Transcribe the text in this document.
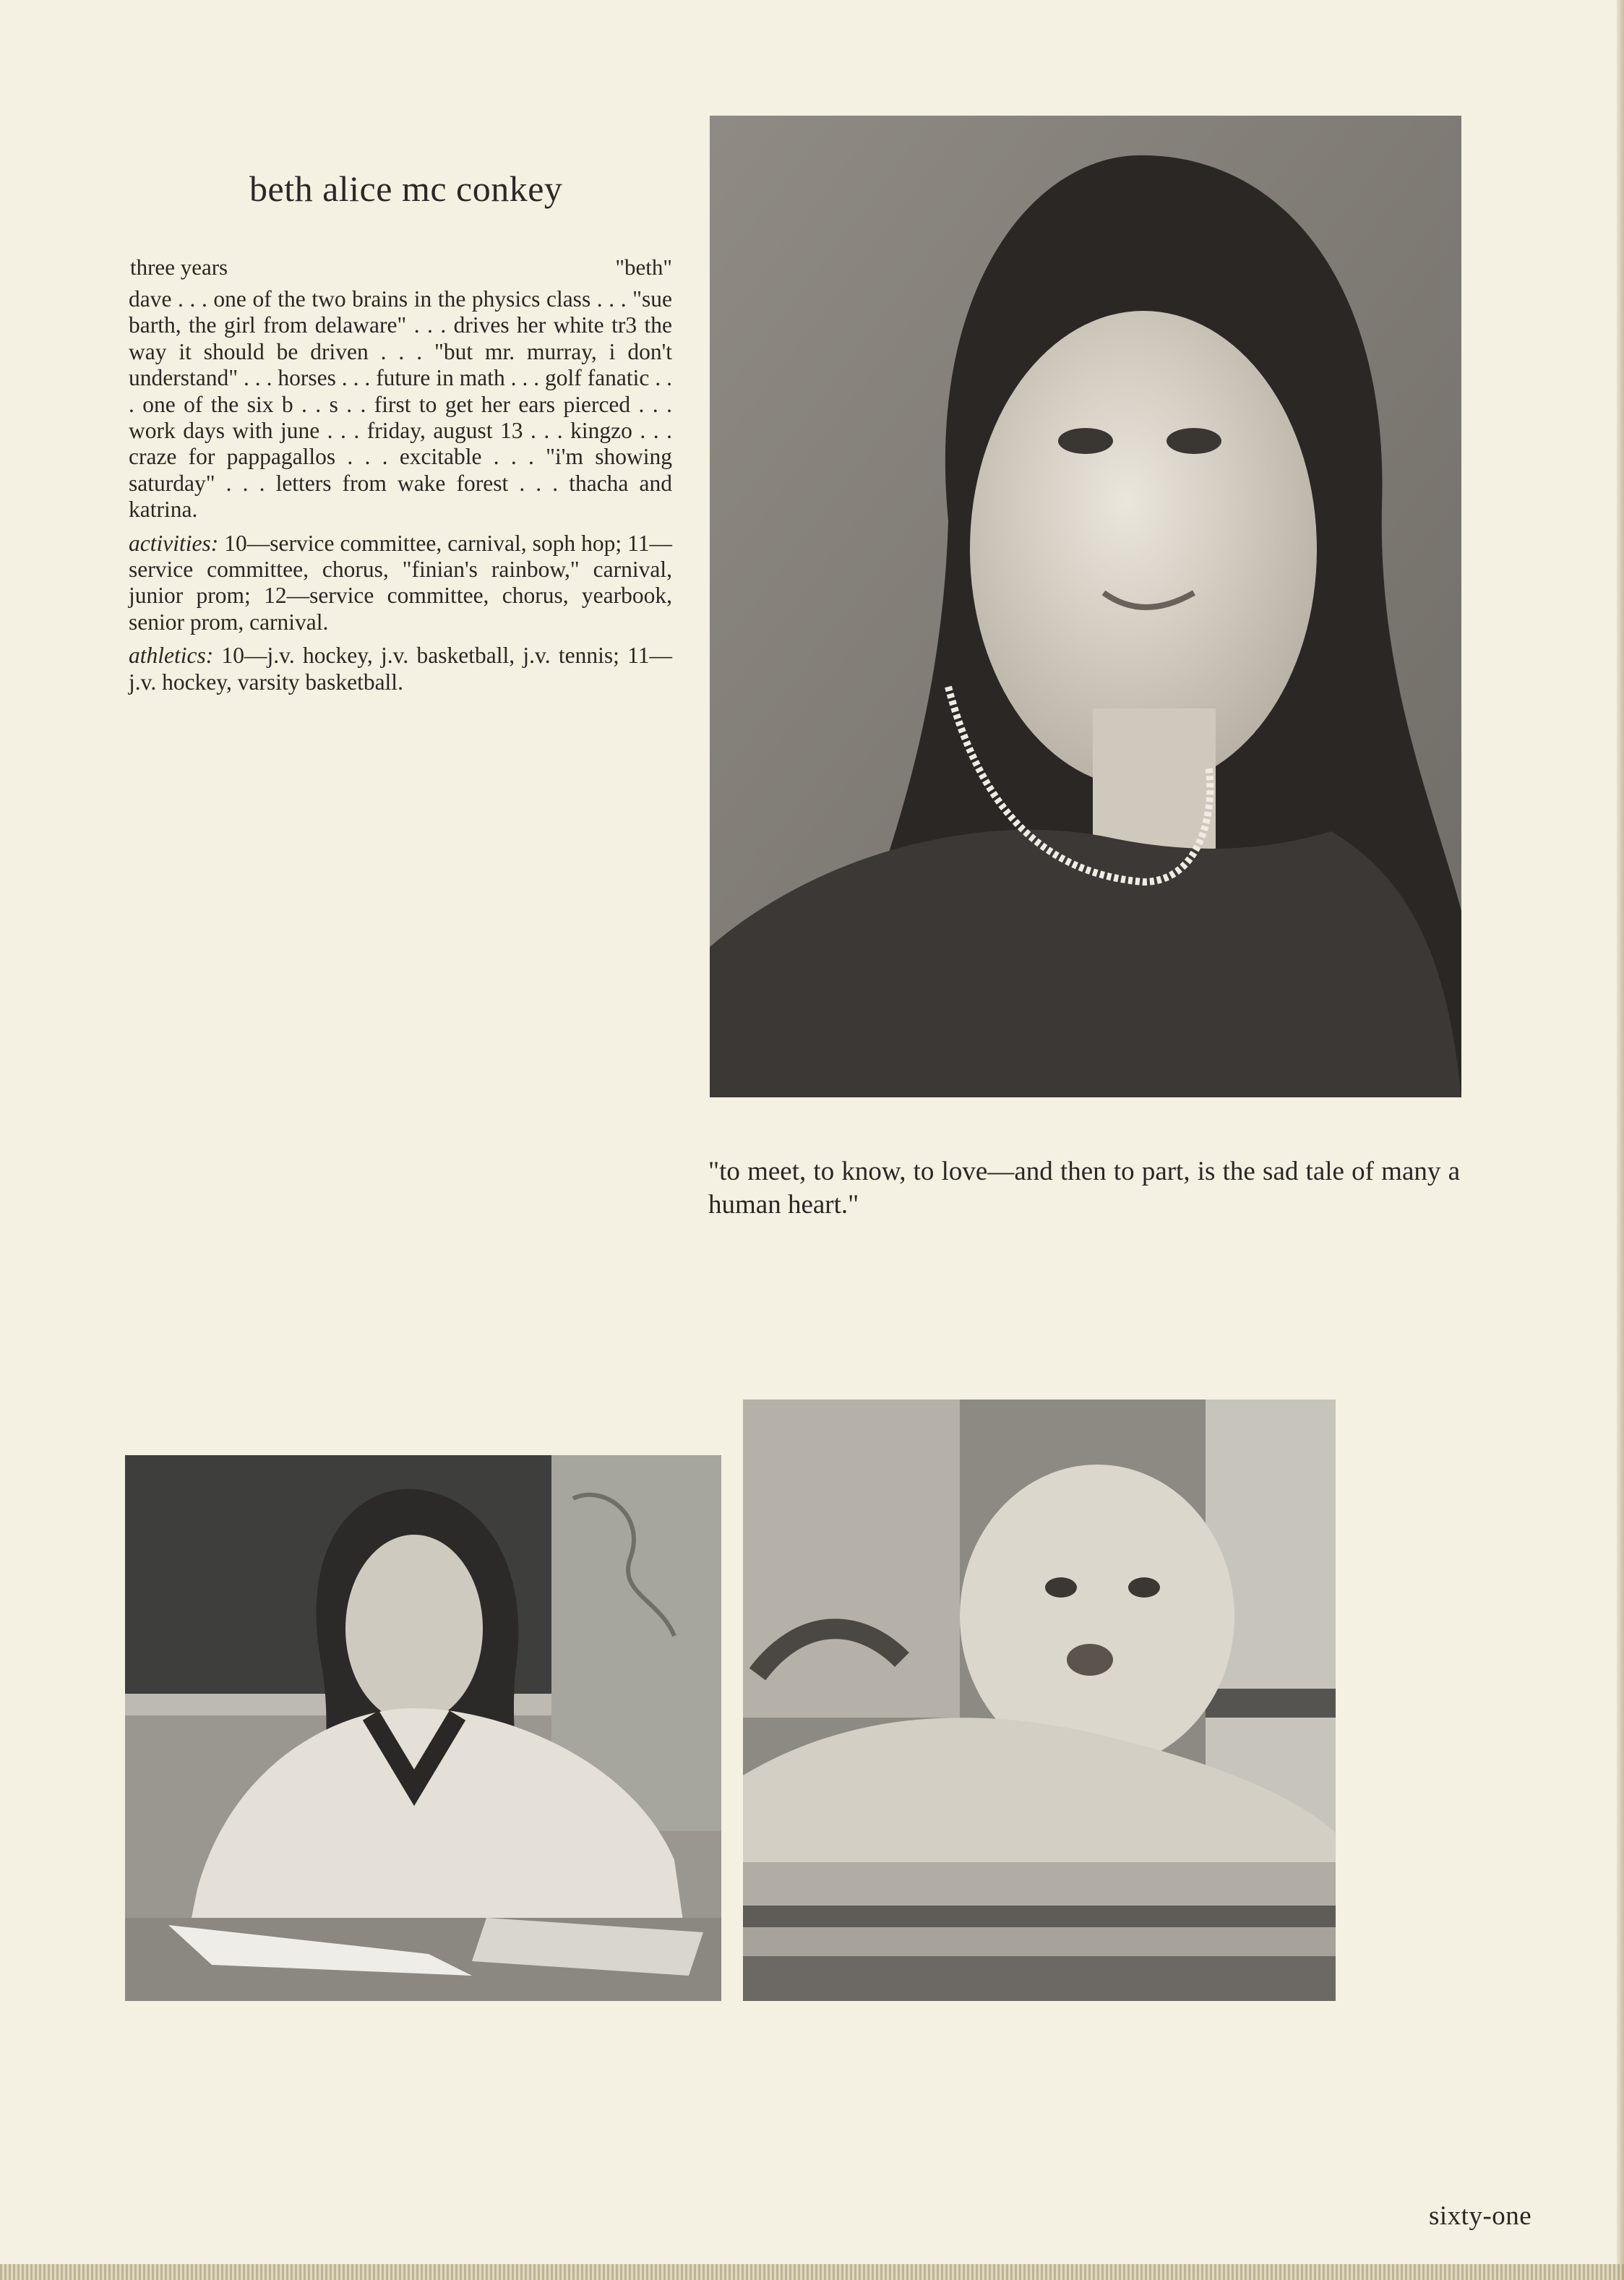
beth alice mc conkey
three years	"beth"

dave . . . one of the two brains in the physics class . . . "sue barth, the girl from delaware" . . . drives her white tr3 the way it should be driven . . . "but mr. murray, i don't understand" . . . horses . . . future in math . . . golf fanatic . . . one of the six b . . s . . first to get her ears pierced . . . work days with june . . . friday, august 13 . . . kingzo . . . craze for pappagallos . . . excitable . . . "i'm showing saturday" . . . letters from wake forest . . . thacha and katrina.

activities: 10—service committee, carnival, soph hop; 11—service committee, chorus, "finian's rainbow," carnival, junior prom; 12—service committee, chorus, yearbook, senior prom, carnival.

athletics: 10—j.v. hockey, j.v. basketball, j.v. tennis; 11—j.v. hockey, varsity basketball.

"to meet, to know, to love—and then to part, is the sad tale of many a human heart."
sixty-one
